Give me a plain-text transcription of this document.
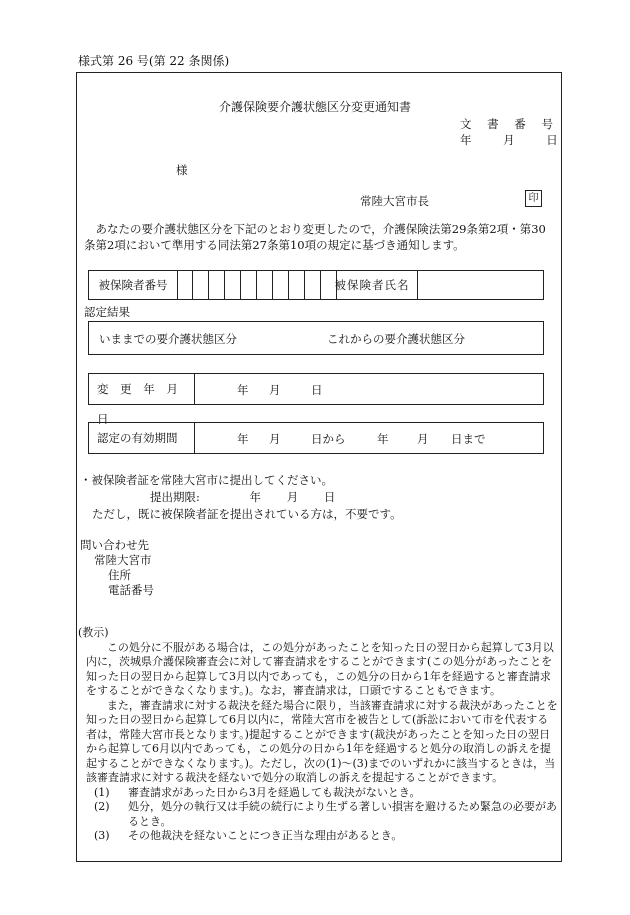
様式第 26 号(第 22 条関係)
介護保険要介護状態区分変更通知書
文 書 番 号
年 月 日
様
常陸大宮市長	印
　あなたの要介護状態区分を下記のとおり変更したので，介護保険法第29条第2項・第30条第2項において準用する同法第27条第10項の規定に基づき通知します。
被保険者番号	被保険者氏名
認定結果
いままでの要介護状態区分	これからの要介護状態区分
変 更 年 月 日
年 月	日
認定の有効期間	年 月	日から	年 月 日まで
・被保険者証を常陸大宮市に提出してください。
提出期限:	年 月 日
ただし，既に被保険者証を提出されている方は，不要です。
問い合わせ先
常陸大宮市
住所
電話番号

(教示)

この処分に不服がある場合は，この処分があったことを知った日の翌日から起算して3月以内に，茨城県介護保険審査会に対して審査請求をすることができます(この処分があったことを知った日の翌日から起算して3月以内であっても，この処分の日から1年を経過すると審査請求をすることができなくなります。)。なお，審査請求は，口頭ですることもできます。

また，審査請求に対する裁決を経た場合に限り，当該審査請求に対する裁決があったことを知った日の翌日から起算して6月以内に，常陸大宮市を被告として(訴訟において市を代表する者は，常陸大宮市長となります。)提起することができます(裁決があったことを知った日の翌日から起算して6月以内であっても，この処分の日から1年を経過すると処分の取消しの訴えを提起することができなくなります。)。ただし，次の(1)～(3)までのいずれかに該当するときは，当該審査請求に対する裁決を経ないで処分の取消しの訴えを提起することができます。

(1)	審査請求があった日から3月を経過しても裁決がないとき。
(2)	処分，処分の執行又は手続の続行により生ずる著しい損害を避けるため緊急の必要があるとき。
(3)	その他裁決を経ないことにつき正当な理由があるとき。
